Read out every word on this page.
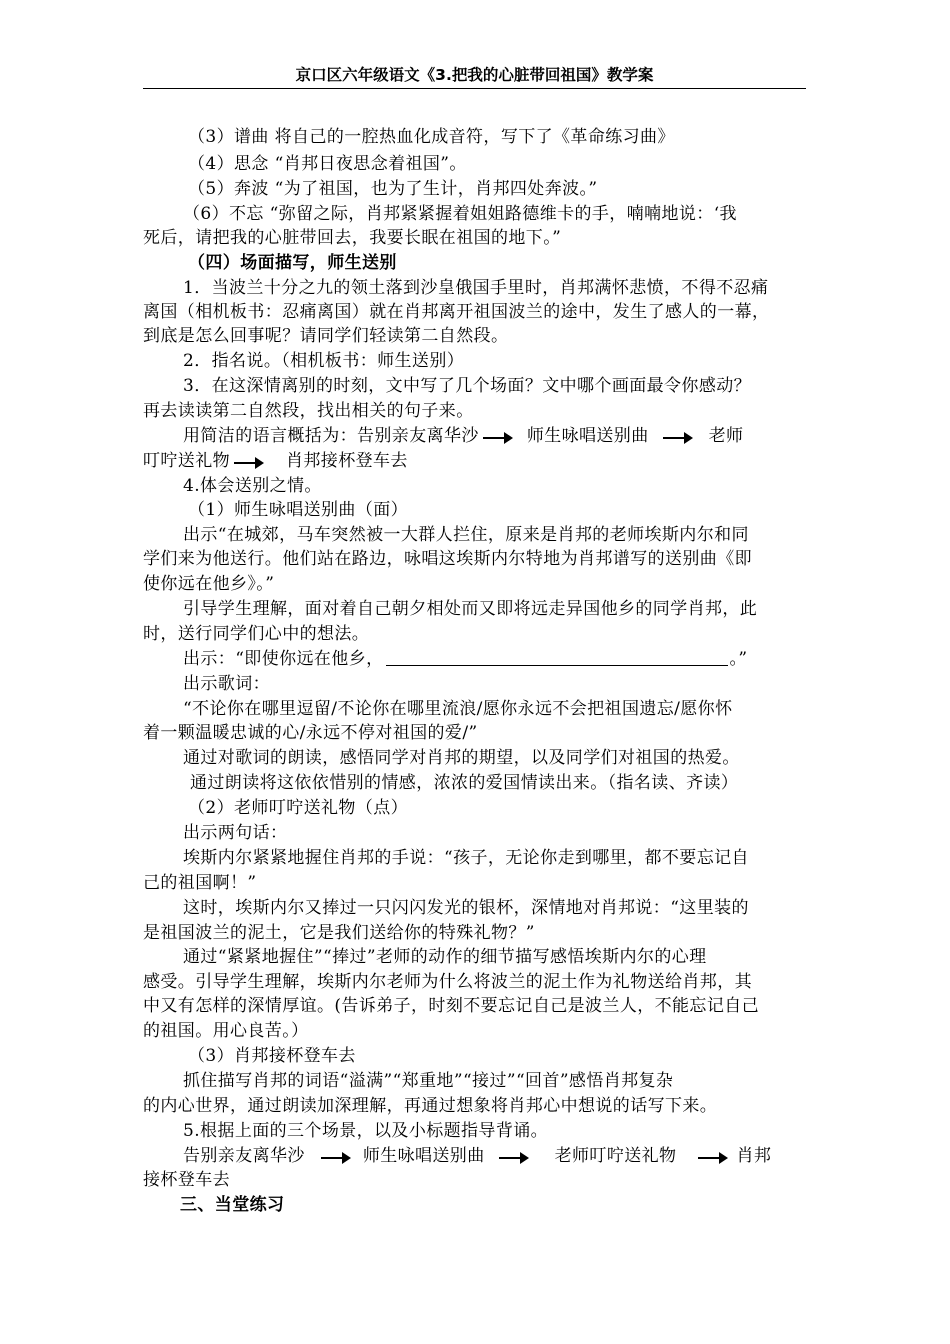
京口区六年级语文《3.把我的心脏带回祖国》教学案
（3）谱曲 将自己的一腔热血化成音符，写下了《革命练习曲》
（4）思念 “肖邦日夜思念着祖国”。
（5）奔波 “为了祖国，也为了生计，肖邦四处奔波。”
（6）不忘 “弥留之际，肖邦紧紧握着姐姐路德维卡的手，喃喃地说：‘我
死后，请把我的心脏带回去，我要长眠在祖国的地下。”
（四）场面描写，师生送别
1．当波兰十分之九的领土落到沙皇俄国手里时，肖邦满怀悲愤，不得不忍痛
离国（相机板书：忍痛离国）就在肖邦离开祖国波兰的途中，发生了感人的一幕，
到底是怎么回事呢？请同学们轻读第二自然段。
2．指名说。（相机板书：师生送别）
3．在这深情离别的时刻，文中写了几个场面？文中哪个画面最令你感动？
再去读读第二自然段，找出相关的句子来。
用简洁的语言概括为：告别亲友离华沙	师生咏唱送别曲	老师
叮咛送礼物	肖邦接杯登车去
4.体会送别之情。
（1）师生咏唱送别曲（面）
出示“在城郊，马车突然被一大群人拦住，原来是肖邦的老师埃斯内尔和同
学们来为他送行。他们站在路边，咏唱这埃斯内尔特地为肖邦谱写的送别曲《即
使你远在他乡》。”
引导学生理解，面对着自己朝夕相处而又即将远走异国他乡的同学肖邦，此
时，送行同学们心中的想法。
出示：“即使你远在他乡，	。”
出示歌词：
“不论你在哪里逗留/不论你在哪里流浪/愿你永远不会把祖国遗忘/愿你怀
着一颗温暖忠诚的心/永远不停对祖国的爱/”
通过对歌词的朗读，感悟同学对肖邦的期望，以及同学们对祖国的热爱。
通过朗读将这依依惜别的情感，浓浓的爱国情读出来。（指名读、齐读）
（2）老师叮咛送礼物（点）
出示两句话：
埃斯内尔紧紧地握住肖邦的手说：“孩子，无论你走到哪里，都不要忘记自
己的祖国啊！”
这时，埃斯内尔又捧过一只闪闪发光的银杯，深情地对肖邦说：“这里装的
是祖国波兰的泥土，它是我们送给你的特殊礼物？”
通过“紧紧地握住”“捧过”老师的动作的细节描写感悟埃斯内尔的心理
感受。引导学生理解，埃斯内尔老师为什么将波兰的泥土作为礼物送给肖邦，其
中又有怎样的深情厚谊。(告诉弟子，时刻不要忘记自己是波兰人，不能忘记自己
的祖国。用心良苦。）
（3）肖邦接杯登车去
抓住描写肖邦的词语“溢满”“郑重地”“接过”“回首”感悟肖邦复杂
的内心世界，通过朗读加深理解，再通过想象将肖邦心中想说的话写下来。
5.根据上面的三个场景，以及小标题指导背诵。
告别亲友离华沙	师生咏唱送别曲	老师叮咛送礼物	肖邦
接杯登车去
三、当堂练习
